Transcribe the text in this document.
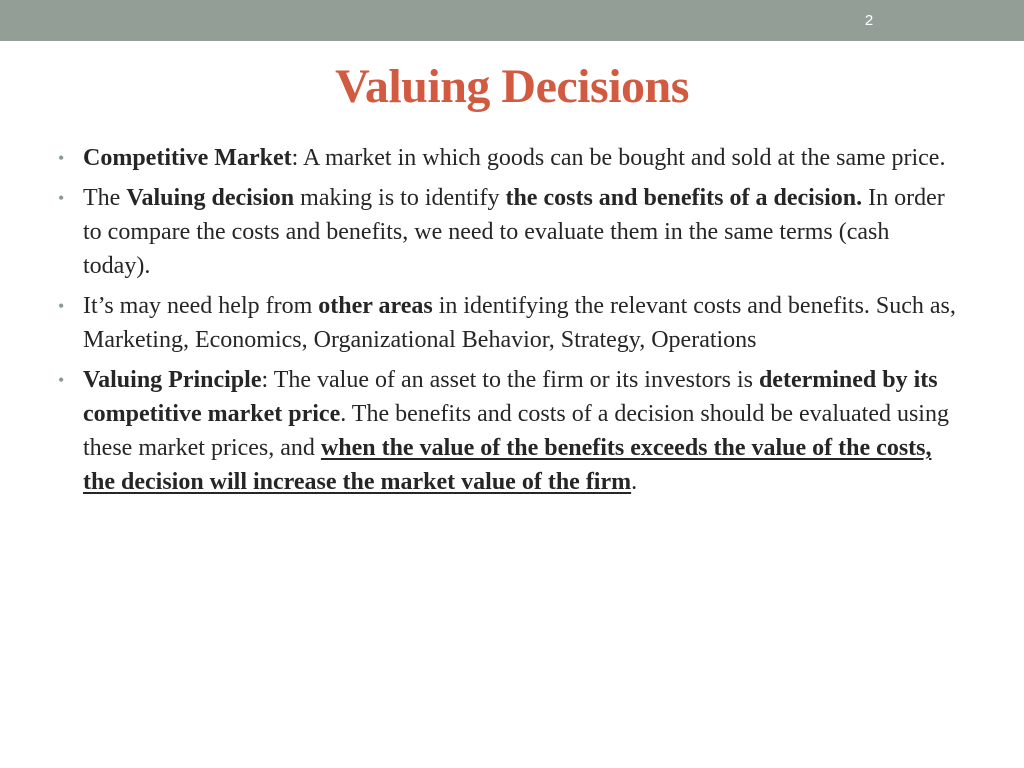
2
Valuing Decisions
• Competitive Market: A market in which goods can be bought and sold at the same price.
• The Valuing decision making is to identify the costs and benefits of a decision. In order to compare the costs and benefits, we need to evaluate them in the same terms (cash today).
• It’s may need help from other areas in identifying the relevant costs and benefits. Such as, Marketing, Economics, Organizational Behavior, Strategy, Operations
• Valuing Principle: The value of an asset to the firm or its investors is determined by its competitive market price. The benefits and costs of a decision should be evaluated using these market prices, and when the value of the benefits exceeds the value of the costs, the decision will increase the market value of the firm.
